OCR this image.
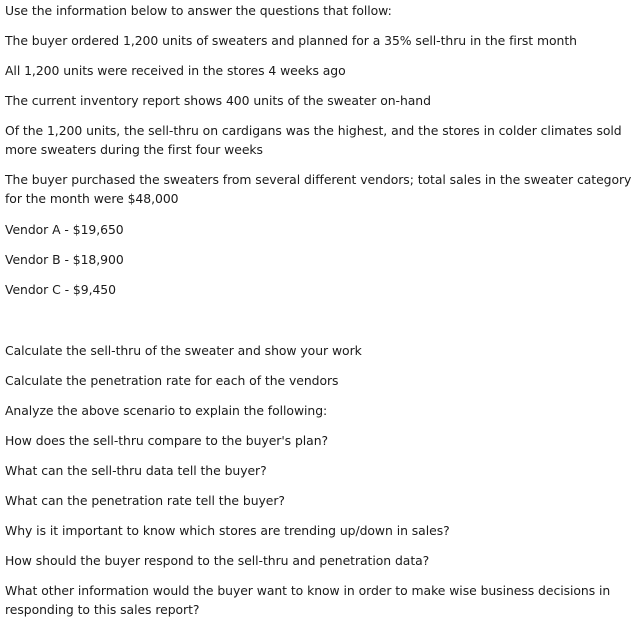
Use the information below to answer the questions that follow:
The buyer ordered 1,200 units of sweaters and planned for a 35% sell-thru in the first month
All 1,200 units were received in the stores 4 weeks ago
The current inventory report shows 400 units of the sweater on-hand
Of the 1,200 units, the sell-thru on cardigans was the highest, and the stores in colder climates sold more sweaters during the first four weeks
The buyer purchased the sweaters from several different vendors; total sales in the sweater category for the month were $48,000
Vendor A - $19,650
Vendor B - $18,900
Vendor C - $9,450
Calculate the sell-thru of the sweater and show your work
Calculate the penetration rate for each of the vendors
Analyze the above scenario to explain the following:
How does the sell-thru compare to the buyer's plan?
What can the sell-thru data tell the buyer?
What can the penetration rate tell the buyer?
Why is it important to know which stores are trending up/down in sales?
How should the buyer respond to the sell-thru and penetration data?
What other information would the buyer want to know in order to make wise business decisions in responding to this sales report?
